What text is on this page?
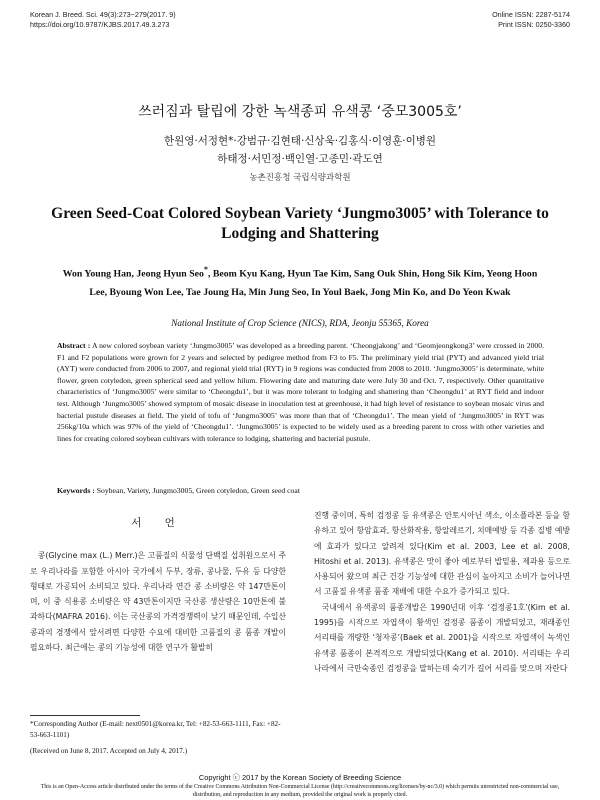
Korean J. Breed. Sci. 49(3):273~279(2017. 9)
https://doi.org/10.9787/KJBS.2017.49.3.273
Online ISSN: 2287-5174
Print ISSN: 0250-3360
쓰러짐과 탈립에 강한 녹색종피 유색콩 ‘중모3005호’
한원영·서정현*·강범규·김현태·신상욱·김홍식·이영훈·이병원
하태정·서민정·백인열·고종민·곽도연
농촌진흥청 국립식량과학원
Green Seed-Coat Colored Soybean Variety ‘Jungmo3005’ with Tolerance to Lodging and Shattering
Won Young Han, Jeong Hyun Seo*, Beom Kyu Kang, Hyun Tae Kim, Sang Ouk Shin, Hong Sik Kim, Yeong Hoon Lee, Byoung Won Lee, Tae Joung Ha, Min Jung Seo, In Youl Baek, Jong Min Ko, and Do Yeon Kwak
National Institute of Crop Science (NICS), RDA, Jeonju 55365, Korea
Abstract : A new colored soybean variety ‘Jungmo3005’ was developed as a breeding parent. ‘Cheongjakong’ and ‘Geomjeongkong3’ were crossed in 2000. F1 and F2 populations were grown for 2 years and selected by pedigree method from F3 to F5. The preliminary yield trial (PYT) and advanced yield trial (AYT) were conducted from 2006 to 2007, and regional yield trial (RYT) in 9 regions was conducted from 2008 to 2010. ‘Jungmo3005’ is determinate, white flower, green cotyledon, green spherical seed and yellow hilum. Flowering date and maturing date were July 30 and Oct. 7, respectively. Other quantitative characteristics of ‘Jungmo3005’ were similar to ‘Cheongdu1’, but it was more tolerant to lodging and shattering than ‘Cheongdu1’ at RYT field and indoor test. Although ‘Jungmo3005’ showed symptom of mosaic disease in inoculation test at greenhouse, it had high level of resistance to soybean mosaic virus and bacterial pustule diseases at field. The yield of tofu of ‘Jungmo3005’ was more than that of ‘Cheongdu1’. The mean yield of ‘Jungmo3005’ in RYT was 256kg/10a which was 97% of the yield of ‘Cheongdu1’. ‘Jungmo3005’ is expected to be widely used as a breeding parent to cross with other varieties and lines for creating colored soybean cultivars with tolerance to lodging, shattering and bacterial pustule.
Keywords : Soybean, Variety, Jungmo3005, Green cotyledon, Green seed coat
서 언

콩(Glycine max (L.) Merr.)은 고품질의 식물성 단백질 섭취원으로서 주로 우리나라를 포함한 아시아 국가에서 두부, 장류, 콩나물, 두유 등 다양한 형태로 가공되어 소비되고 있다. 우리나라 연간 콩 소비량은 약 147만톤이며, 이 중 식용콩 소비량은 약 43만톤이지만 국산콩 생산량은 10만톤에 불과하다(MAFRA 2016). 이는 국산콩의 가격경쟁력이 낮기 때문인데, 수입산 콩과의 경쟁에서 앞서려면 다양한 수요에 대비한 고품질의 콩 품종 개발이 필요하다. 최근에는 콩의 기능성에 대한 연구가 활발히

진행 중이며, 특히 검정콩 등 유색콩은 안토시아닌 색소, 이소플라본 등을 함유하고 있어 항암효과, 항산화작용, 항알레르기, 치매예방 등 각종 질병 예방에 효과가 있다고 알려져 있다(Kim et al. 2003, Lee et al. 2008, Hitoshi et al. 2013). 유색콩은 맛이 좋아 예로부터 밥밑용, 제과용 등으로 사용되어 왔으며 최근 건강 기능성에 대한 관심이 높아지고 소비가 늘어나면서 고품질 유색콩 품종 재배에 대한 수요가 증가되고 있다.

국내에서 유색콩의 품종개발은 1990년대 이후 ‘검정콩1호’(Kim et al. 1995)를 시작으로 자엽색이 황색인 검정콩 품종이 개발되었고, 재래종인 서리태를 개량한 ‘청자콩’(Baek et al. 2001)을 시작으로 자엽색이 녹색인 유색콩 품종이 본격적으로 개발되었다(Kang et al. 2010). 서리태는 우리나라에서 극만숙종인 검정콩을 말하는데 숙기가 길어 서리를 맞으며 자란다

*Corresponding Author (E-mail: next0501@korea.kr, Tel: +82-53-663-1111, Fax: +82-53-663-1101)
(Received on June 8, 2017. Accepted on July 4, 2017.)
Copyright ⓒ 2017 by the Korean Society of Breeding Science
This is an Open-Access article distributed under the terms of the Creative Commons Attribution Non-Commercial License (http://creativecommons.org/licenses/by-nc/3.0) which permits unrestricted non-commercial use, distribution, and reproduction in any medium, provided the original work is properly cited.
